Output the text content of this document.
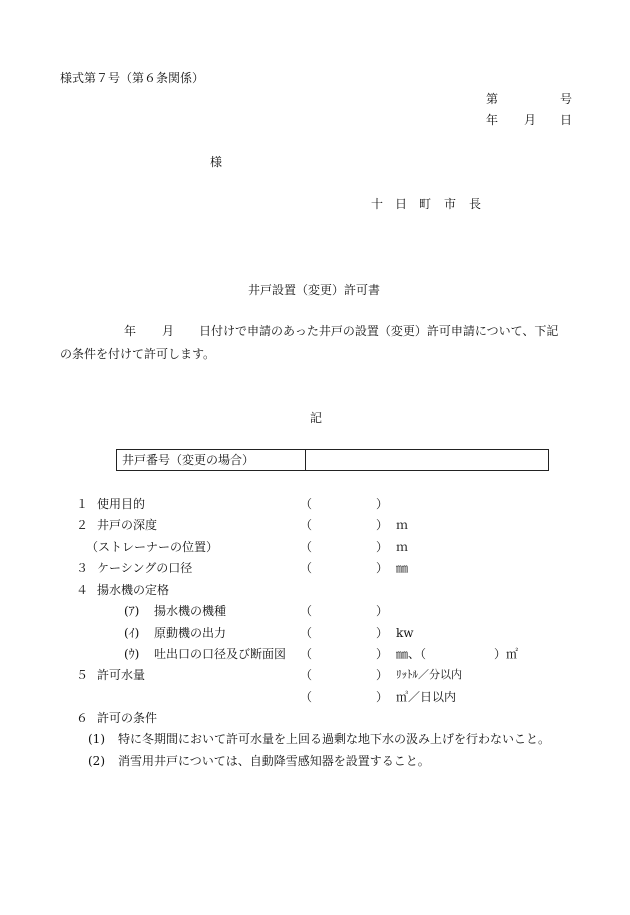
様式第７号（第６条関係）
第	号
年 月 日
様
十 日 町 市 長
井戸設置（変更）許可書
年 月 日付けで申請のあった井戸の設置（変更）許可申請について、下記
の条件を付けて許可します。
記
井戸番号（変更の場合）
１ 使用目的	（	）
２ 井戸の深度	（	） ｍ
（ストレーナーの位置）	（	） ｍ
３ ケーシングの口径	（	） ㎜
４ 揚水機の定格
(ｱ) 揚水機の機種	（	）
(ｲ) 原動機の出力	（	） kw
(ｳ) 吐出口の口径及び断面図 （	） ㎜、（	）㎡
５ 許可水量	（	） ﾘｯﾄﾙ／分以内
（	） ㎥／日以内
６ 許可の条件
(1) 特に冬期間において許可水量を上回る過剰な地下水の汲み上げを行わないこと。
(2) 消雪用井戸については、自動降雪感知器を設置すること。
